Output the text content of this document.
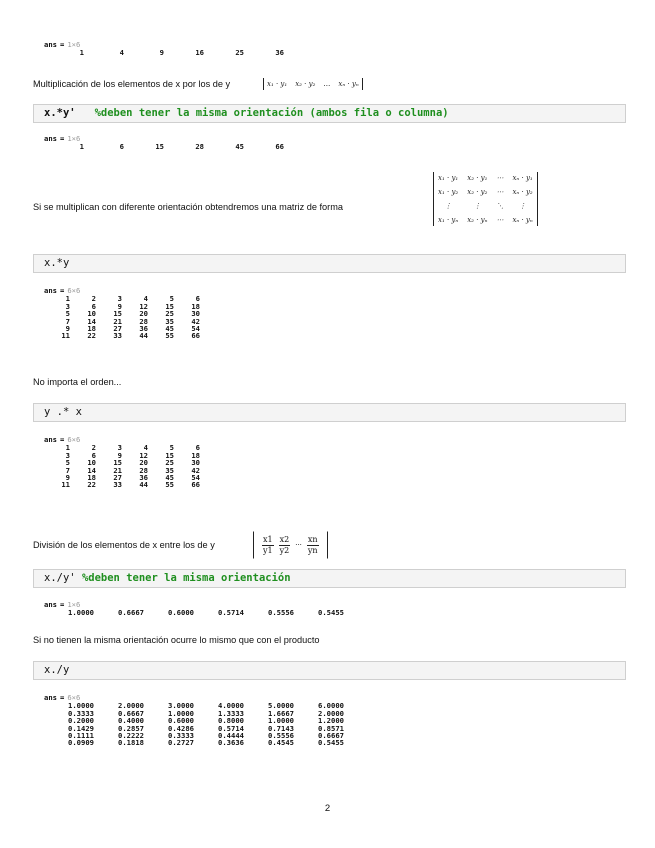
ans = 1×6
1	4	9	16	25	36
Multiplicación de los elementos de x por los de y	x₁ · y₁ x₂ · y₂ … xₙ · yₙ
x.*y' %deben tener la misma orientación (ambos fila o columna)
ans = 1×6
1	6	15	28	45	66
Si se multiplican con diferente orientación obtendremos una matriz de forma
x₁ · y₁ x₂ · y₁ ⋯ xₙ · y₁
x₁ · y₂ x₂ · y₂ ⋯ xₙ · y₂
⋮	⋮	⋱	⋮
x₁ · yₙ x₂ · yₙ ⋯ xₙ · yₙ
x.*y
ans = 6×6
1	2	3	4	5	6
3	6	9	12	15	18
5	10	15	20	25	30
7	14	21	28	35	42
9	18	27	36	45	54
11	22	33	44	55	66
No importa el orden...
y .* x
ans = 6×6
1	2	3	4	5	6
3	6	9	12	15	18
5	10	15	20	25	30
7	14	21	28	35	42
9	18	27	36	45	54
11	22	33	44	55	66
División de los elementos de x entre los de y	$\frac{x1}{y1} \frac{x2}{y2}$ ··· $\frac{xn}{yn}$
x./y' %deben tener la misma orientación
ans = 1×6
1.0000	0.6667	0.6000	0.5714	0.5556	0.5455
Si no tienen la misma orientación ocurre lo mismo que con el producto
x./y
ans = 6×6
1.0000	2.0000	3.0000	4.0000	5.0000	6.0000
0.3333	0.6667	1.0000	1.3333	1.6667	2.0000
0.2000	0.4000	0.6000	0.8000	1.0000	1.2000
0.1429	0.2857	0.4286	0.5714	0.7143	0.8571
0.1111	0.2222	0.3333	0.4444	0.5556	0.6667
0.0909	0.1818	0.2727	0.3636	0.4545	0.5455
2
